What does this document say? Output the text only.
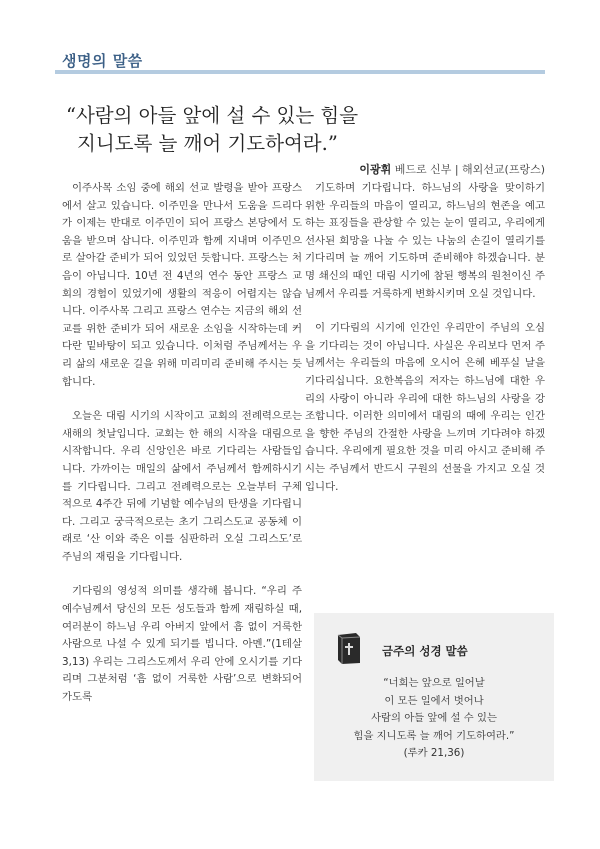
생명의 말씀
“사람의 아들 앞에 설 수 있는 힘을
지니도록 늘 깨어 기도하여라.”
이광휘 베드로 신부 | 해외선교(프랑스)

이주사목 소임 중에 해외 선교 발령을 받아 프랑스에서 살고 있습니다. 이주민을 만나서 도움을 드리다가 이제는 반대로 이주민이 되어 프랑스 본당에서 도움을 받으며 삽니다. 이주민과 함께 지내며 이주민으로 살아갈 준비가 되어 있었던 듯합니다. 프랑스는 처음이 아닙니다. 10년 전 4년의 연수 동안 프랑스 교회의 경험이 있었기에 생활의 적응이 어렵지는 않습니다. 이주사목 그리고 프랑스 연수는 지금의 해외 선교를 위한 준비가 되어 새로운 소임을 시작하는데 커다란 밑바탕이 되고 있습니다. 이처럼 주님께서는 우리 삶의 새로운 길을 위해 미리미리 준비해 주시는 듯합니다.

오늘은 대림 시기의 시작이고 교회의 전례력으로는 새해의 첫날입니다. 교회는 한 해의 시작을 대림으로 시작합니다. 우리 신앙인은 바로 기다리는 사람들입니다. 가까이는 매일의 삶에서 주님께서 함께하시기를 기다립니다. 그리고 전례력으로는 오늘부터 구체적으로 4주간 뒤에 기념할 예수님의 탄생을 기다립니다. 그리고 궁극적으로는 초기 그리스도교 공동체 이래로 ‘산 이와 죽은 이를 심판하러 오실 그리스도’로 주님의 재림을 기다립니다.

기다림의 영성적 의미를 생각해 봅니다. “우리 주 예수님께서 당신의 모든 성도들과 함께 재림하실 때, 여러분이 하느님 우리 아버지 앞에서 흠 없이 거룩한 사람으로 나설 수 있게 되기를 빕니다. 아멘.”(1테살 3,13) 우리는 그리스도께서 우리 안에 오시기를 기다리며 그분처럼 ‘흠 없이 거룩한 사람’으로 변화되어 가도록

기도하며 기다립니다. 하느님의 사랑을 맞이하기 위한 우리들의 마음이 열리고, 하느님의 현존을 예고하는 표징들을 관상할 수 있는 눈이 열리고, 우리에게 선사된 희망을 나눌 수 있는 나눔의 손길이 열리기를 기다리며 늘 깨어 기도하며 준비해야 하겠습니다. 분명 쇄신의 때인 대림 시기에 참된 행복의 원천이신 주님께서 우리를 거룩하게 변화시키며 오실 것입니다.

이 기다림의 시기에 인간인 우리만이 주님의 오심을 기다리는 것이 아닙니다. 사실은 우리보다 먼저 주님께서는 우리들의 마음에 오시어 은혜 베푸실 날을 기다리십니다. 요한복음의 저자는 하느님에 대한 우리의 사랑이 아니라 우리에 대한 하느님의 사랑을 강조합니다. 이러한 의미에서 대림의 때에 우리는 인간을 향한 주님의 간절한 사랑을 느끼며 기다려야 하겠습니다. 우리에게 필요한 것을 미리 아시고 준비해 주시는 주님께서 반드시 구원의 선물을 가지고 오실 것입니다.

금주의 성경 말씀
“너희는 앞으로 일어날
이 모든 일에서 벗어나
사람의 아들 앞에 설 수 있는
힘을 지니도록 늘 깨어 기도하여라.”
(루카 21,36)
